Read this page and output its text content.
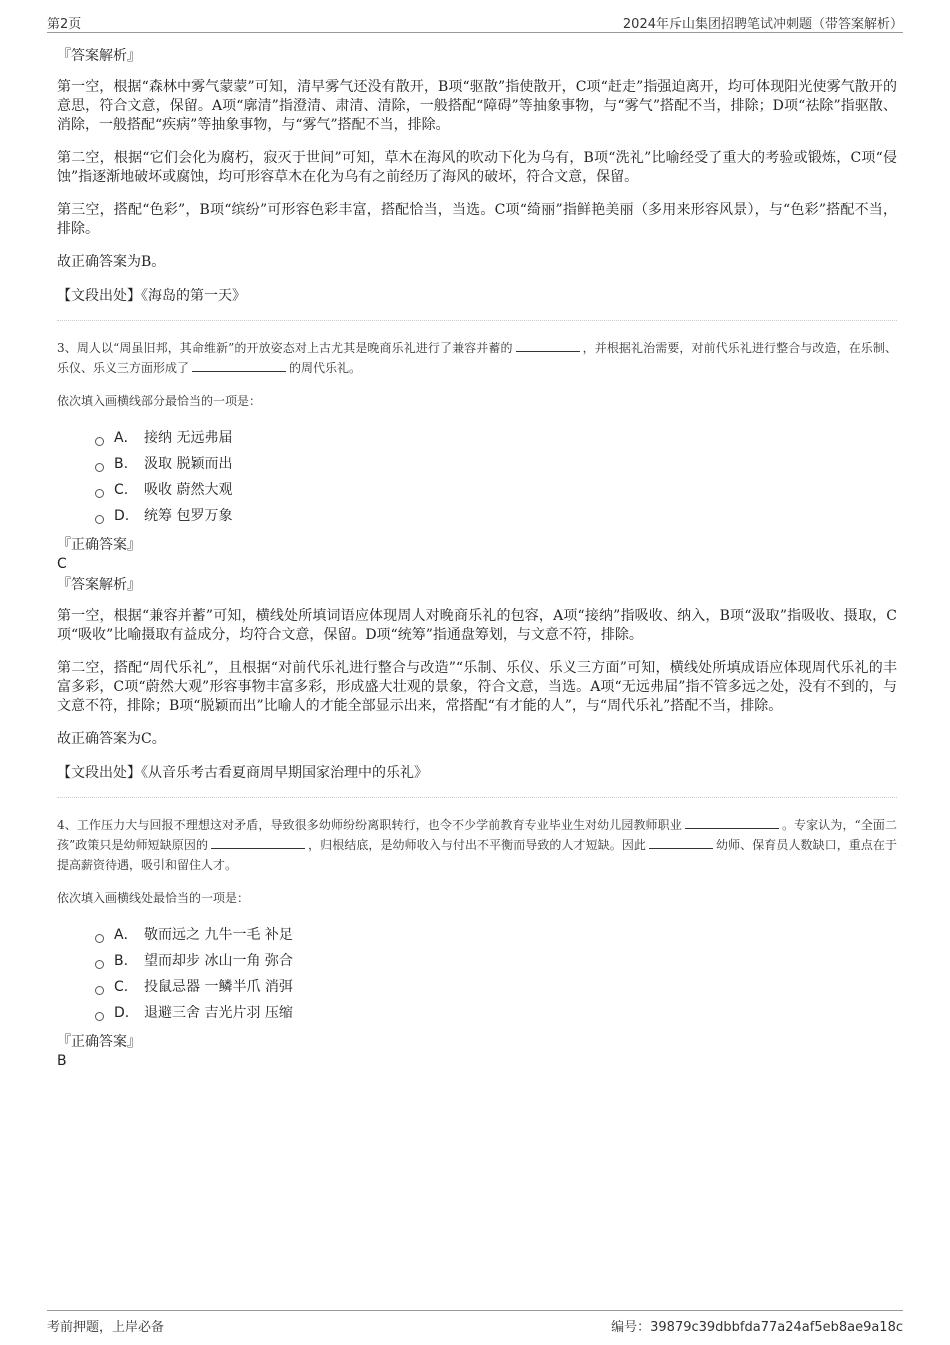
第2页	2024年斥山集团招聘笔试冲刺题（带答案解析）

『答案解析』

第一空，根据“森林中雾气蒙蒙”可知，清早雾气还没有散开，B项“驱散”指使散开，C项“赶走”指强迫离开，均可体现阳光使雾气散开的意思，符合文意，保留。A项“廓清”指澄清、肃清、清除，一般搭配“障碍”等抽象事物，与“雾气”搭配不当，排除；D项“祛除”指驱散、消除，一般搭配“疾病”等抽象事物，与“雾气”搭配不当，排除。

第二空，根据“它们会化为腐朽，寂灭于世间”可知，草木在海风的吹动下化为乌有，B项“洗礼”比喻经受了重大的考验或锻炼，C项“侵蚀”指逐渐地破坏或腐蚀，均可形容草木在化为乌有之前经历了海风的破坏，符合文意，保留。

第三空，搭配“色彩”，B项“缤纷”可形容色彩丰富，搭配恰当，当选。C项“绮丽”指鲜艳美丽（多用来形容风景），与“色彩”搭配不当，排除。

故正确答案为B。

【文段出处】《海岛的第一天》

3、周人以“周虽旧邦，其命维新”的开放姿态对上古尤其是晚商乐礼进行了兼容并蓄的	，并根据礼治需要，对前代乐礼进行整合与改造，在乐制、乐仪、乐义三方面形成了	的周代乐礼。

依次填入画横线部分最恰当的一项是：

A． 接纳 无远弗届
B.	汲取 脱颖而出
C.	吸收 蔚然大观
D.	统筹 包罗万象

『正确答案』

C

『答案解析』

第一空，根据“兼容并蓄”可知，横线处所填词语应体现周人对晚商乐礼的包容，A项“接纳”指吸收、纳入，B项“汲取”指吸收、摄取，C项“吸收”比喻摄取有益成分，均符合文意，保留。D项“统筹”指通盘筹划，与文意不符，排除。

第二空，搭配“周代乐礼”，且根据“对前代乐礼进行整合与改造”“乐制、乐仪、乐义三方面”可知，横线处所填成语应体现周代乐礼的丰富多彩，C项“蔚然大观”形容事物丰富多彩，形成盛大壮观的景象，符合文意，当选。A项“无远弗届”指不管多远之处，没有不到的，与文意不符，排除；B项“脱颖而出”比喻人的才能全部显示出来，常搭配“有才能的人”，与“周代乐礼”搭配不当，排除。

故正确答案为C。

【文段出处】《从音乐考古看夏商周早期国家治理中的乐礼》

4、工作压力大与回报不理想这对矛盾，导致很多幼师纷纷离职转行，也令不少学前教育专业毕业生对幼儿园教师职业	。专家认为，“全面二孩”政策只是幼师短缺原因的	，归根结底，是幼师收入与付出不平衡而导致的人才短缺。因此	幼师、保育员人数缺口，重点在于提高薪资待遇，吸引和留住人才。

依次填入画横线处最恰当的一项是：

A． 敬而远之 九牛一毛 补足
B.	望而却步 冰山一角 弥合
C.	投鼠忌器 一鳞半爪 消弭
D.	退避三舍 吉光片羽 压缩

『正确答案』

B

考前押题，上岸必备	编号：39879c39dbbfda77a24af5eb8ae9a18c
